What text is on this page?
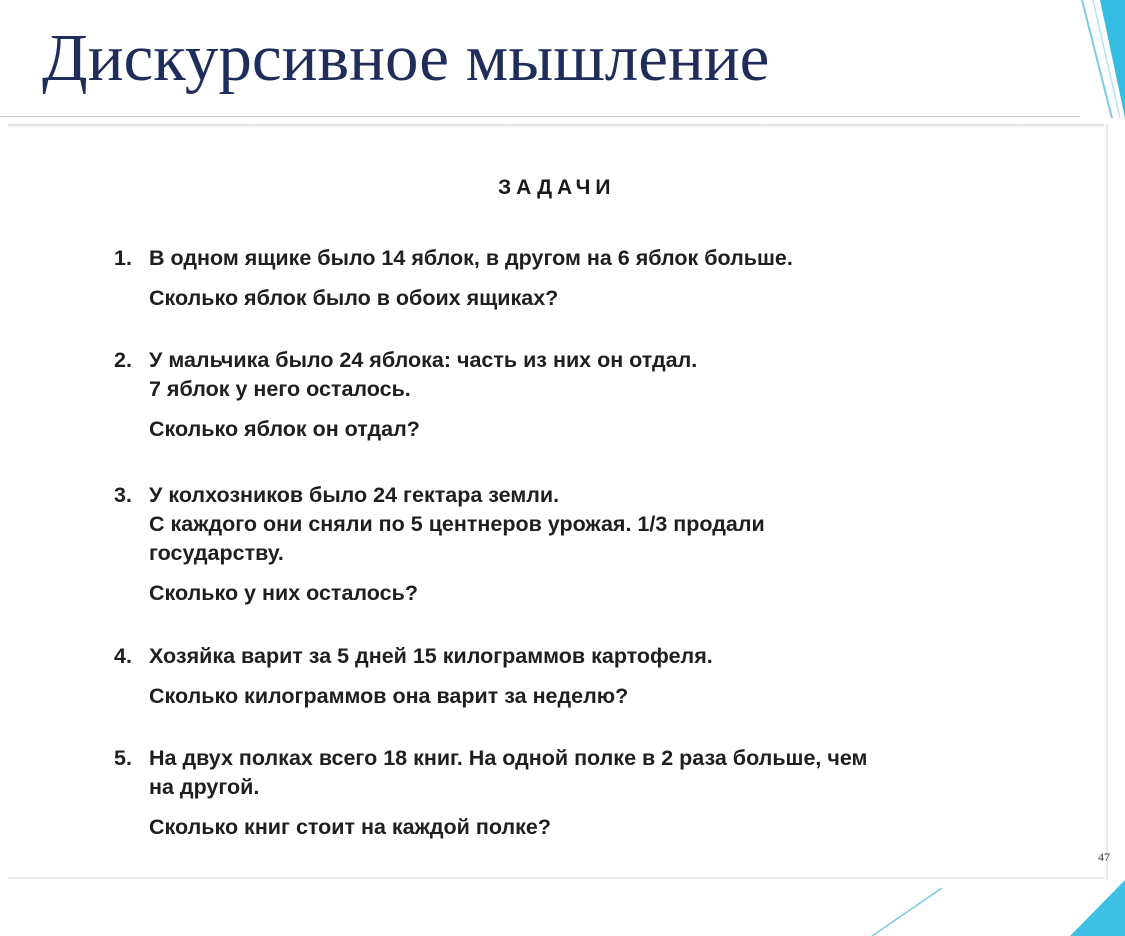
Дискурсивное мышление
ЗАДАЧИ
1. В одном ящике было 14 яблок, в другом на 6 яблок больше.
Сколько яблок было в обоих ящиках?
2. У мальчика было 24 яблока: часть из них он отдал.
7 яблок у него осталось.
Сколько яблок он отдал?
3. У колхозников было 24 гектара земли.
С каждого они сняли по 5 центнеров урожая. 1/3 продали
государству.
Сколько у них осталось?
4. Хозяйка варит за 5 дней 15 килограммов картофеля.
Сколько килограммов она варит за неделю?
5. На двух полках всего 18 книг. На одной полке в 2 раза больше, чем
на другой.
Сколько книг стоит на каждой полке?
47
